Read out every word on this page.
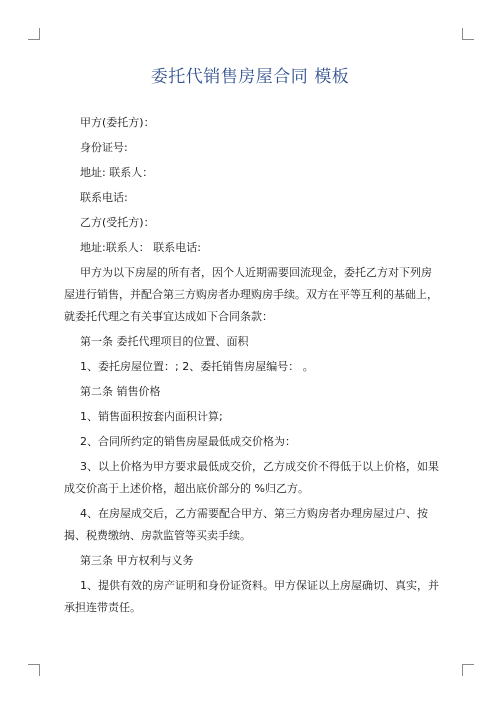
委托代销售房屋合同 模板

甲方(委托方)：

身份证号:

地址: 联系人：

联系电话:

乙方(受托方)：

地址:联系人： 联系电话:

甲方为以下房屋的所有者，因个人近期需要回流现金，委托乙方对下列房屋进行销售，并配合第三方购房者办理购房手续。双方在平等互利的基础上，就委托代理之有关事宜达成如下合同条款：

第一条 委托代理项目的位置、面积

1、委托房屋位置：; 2、委托销售房屋编号： 。

第二条 销售价格

1、销售面积按套内面积计算;

2、合同所约定的销售房屋最低成交价格为：

3、以上价格为甲方要求最低成交价，乙方成交价不得低于以上价格，如果成交价高于上述价格，超出底价部分的 %归乙方。

4、在房屋成交后，乙方需要配合甲方、第三方购房者办理房屋过户、按揭、税费缴纳、房款监管等买卖手续。

第三条 甲方权利与义务

1、提供有效的房产证明和身份证资料。甲方保证以上房屋确切、真实，并承担连带责任。
